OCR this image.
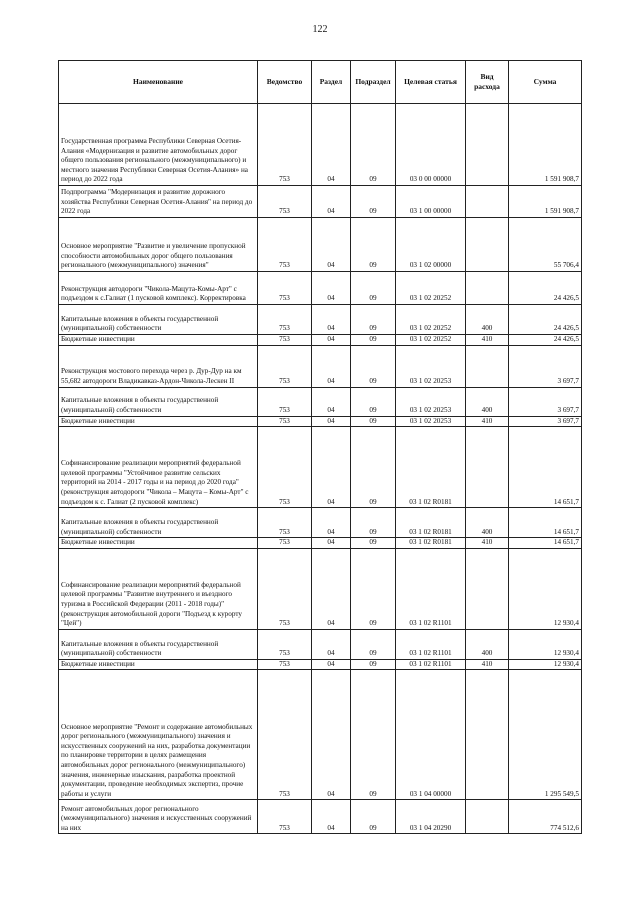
122
Наименование	Ведомство	Раздел	Подраздел	Целевая статья	Вид расхода	Сумма
Государственная программа Республики Северная Осетия-Алания «Модернизация и развитие автомобильных дорог общего пользования регионального (межмуниципального) и местного значения Республики Северная Осетия-Алания» на период до 2022 года	753	04	09	03 0 00 00000		1 591 908,7
Подпрограмма "Модернизация и развитие дорожного хозяйства Республики Северная Осетия-Алания" на период до 2022 года	753	04	09	03 1 00 00000		1 591 908,7
Основное мероприятие "Развитие и увеличение пропускной способности автомобильных дорог общего пользования регионального (межмуниципального) значения"	753	04	09	03 1 02 00000		55 706,4
Реконструкция автодороги "Чикола-Мацута-Комы-Арт" с подъездом к с.Галиат (1 пусковой комплекс). Корректировка	753	04	09	03 1 02 20252		24 426,5
Капитальные вложения в объекты государственной (муниципальной) собственности	753	04	09	03 1 02 20252	400	24 426,5
Бюджетные инвестиции	753	04	09	03 1 02 20252	410	24 426,5
Реконструкция мостового перехода через р. Дур-Дур на км 55,682 автодороги Владикавказ-Ардон-Чикола-Лескен II	753	04	09	03 1 02 20253		3 697,7
Капитальные вложения в объекты государственной (муниципальной) собственности	753	04	09	03 1 02 20253	400	3 697,7
Бюджетные инвестиции	753	04	09	03 1 02 20253	410	3 697,7
Софинансирование реализации мероприятий федеральной целевой программы "Устойчивое развитие сельских территорий на 2014 - 2017 годы и на период до 2020 года" (реконструкция автодороги "Чикола – Мацута – Комы-Арт" с подъездом к с. Галиат (2 пусковой комплекс)	753	04	09	03 1 02 R0181		14 651,7
Капитальные вложения в объекты государственной (муниципальной) собственности	753	04	09	03 1 02 R0181	400	14 651,7
Бюджетные инвестиции	753	04	09	03 1 02 R0181	410	14 651,7
Софинансирование реализации мероприятий федеральной целевой программы "Развитие внутреннего и въездного туризма в Российской Федерации (2011 - 2018 годы)" (реконструкция автомобильной дороги "Подъезд к курорту "Цей")	753	04	09	03 1 02 R1101		12 930,4
Капитальные вложения в объекты государственной (муниципальной) собственности	753	04	09	03 1 02 R1101	400	12 930,4
Бюджетные инвестиции	753	04	09	03 1 02 R1101	410	12 930,4
Основное мероприятие "Ремонт и содержание автомобильных дорог регионального (межмуниципального) значения и искусственных сооружений на них, разработка документации по планировке территории в целях размещения автомобильных дорог регионального (межмуниципального) значения, инженерные изыскания, разработка проектной документации, проведение необходимых экспертиз, прочие работы и услуги	753	04	09	03 1 04 00000		1 295 549,5
Ремонт автомобильных дорог регионального (межмуниципального) значения и искусственных сооружений на них	753	04	09	03 1 04 20290		774 512,6
